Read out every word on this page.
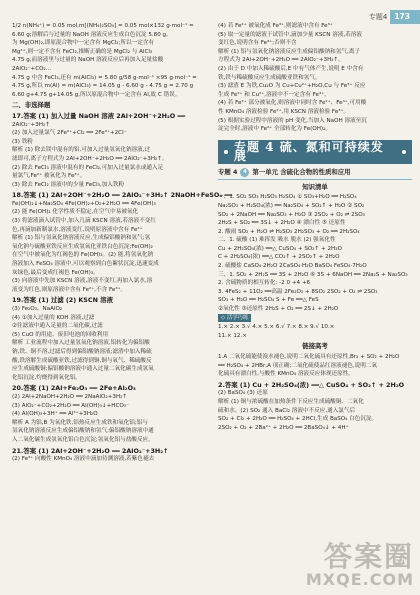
专题4 173
1/2 n(NH₄⁺) = 0.05 mol,m[(NH₄)₂SO₄] = 0.05 mol×132 g·mol⁻¹ =
6.60 g;溶解后与过量的 NaOH 溶液反应生成白色沉淀 5.80 g,
为 Mg(OH)₂,即原混合物中一定含有 MgCl₂;所以一定含有
Mg²⁺,则一定不含有 FeCl₂,推断正确的是 MgCl₂ 与 AlCl₃
4.75 g,而溶液里与过量的 NaOH 溶液反应后再加入足量盐酸
2AlO₂⁻+CO₂…
4.75 g 中含 FeCl₃,还有 m(AlCl₃) = 5.80 g/58 g·mol⁻¹ ×95 g·mol⁻¹ =
4.75 g,所以 m(Al) = m(AlCl₃) = 14.05 g - 6.60 g - 4.75 g = 2.70 g
6.60 g+4.75 g+14.05 g,所以原混合物中一定含有 Al,故 C 错误。
二、非选择题
17.答案 (1) 加入过量 NaOH 溶液 2Al+2OH⁻+2H₂O ══
2AlO₂⁻+3H₂↑
(2) 加入过量氯气 2Fe²⁺+Cl₂ ══ 2Fe³⁺+2Cl⁻
(3) 铁粉
解析 (1) 除去镁中混有的铝,可加入过量氢氧化钠溶液,过
滤即可,离子方程式为 2Al+2OH⁻+2H₂O ══ 2AlO₂⁻+3H₂↑。
(2) 除去 FeCl₃ 溶液中混有的 FeCl₂,可加入过量氯水或通入足
量氯气,Fe²⁺ 被氧化为 Fe³⁺。
(3) 除去 FeCl₂ 溶液中的少量 FeCl₃,加入铁粉
18.答案 (1) 2Al+2OH⁻+2H₂O ══ 2AlO₂⁻+3H₂↑ 2NaOH+FeSO₄ ══
Fe(OH)₂↓+Na₂SO₄ 4Fe(OH)₂+O₂+2H₂O ══ 4Fe(OH)₃
(2) 能 Fe(OH)₂ 化学性质不稳定,在空气中易被氧化
(3) 将滤液滴入试管中,加入几滴 KSCN 溶液,若溶液不变红
色,再滴加新制氯水,溶液变红,说明原溶液中含有 Fe²⁺
解析 (1) 铝与氢氧化钠溶液反应,生成偏铝酸钠和氢气;氢
氧化钠与硫酸亚铁反应生成氢氧化亚铁白色沉淀;Fe(OH)₂
在空气中被氧化为红褐色的 Fe(OH)₃。(2) 能,将氢氧化钠
溶液加入 FeSO₄ 溶液中,可以观察到白色絮状沉淀,迅速变成
灰绿色,最后变成红褐色 Fe(OH)₃。
(3) 向溶液中先加 KSCN 溶液,溶液不变红,再加入氯水,溶
液变为红色,则原溶液中含有 Fe²⁺,不含 Fe³⁺。
19.答案 (1) 过滤 (2) KSCN 溶液
(3) Fe₂O₃、NaAlO₂
(4) ①加入过量的 KOH 溶液,过滤
②往滤液中通入足量的二氧化碳,过滤
(5) CuO 的用途、废旧电池的回收利用
解析 工业流程中加入过量氢氧化钠溶液,铝转化为偏铝酸
钠,铁、铜不溶,过滤后得到偏铝酸钠溶液;滤渣中加入稀硫
酸,铁溶解生成硫酸亚铁,过滤得到铜,铜与氧气、稀硫酸反
应生成硫酸铜;偏铝酸钠溶液中通入过量二氧化碳生成氢氧
化铝沉淀,灼烧得到氧化铝。
20.答案 (1) 2Al+Fe₂O₃ ══ 2Fe+Al₂O₃
(2) 2Al+2NaOH+2H₂O ══ 2NaAlO₂+3H₂↑
(3) AlO₂⁻+CO₂+2H₂O ══ Al(OH)₃↓+HCO₃⁻
(4) Al(OH)₃+3H⁺ ══ Al³⁺+3H₂O
解析 A 为铝,B 为氧化铁,铝热反应生成铁和氧化铝;铝与
氢氧化钠溶液反应生成偏铝酸钠和氢气;偏铝酸钠溶液中通
入二氧化碳生成氢氧化铝白色沉淀;氢氧化铝与盐酸反应。
21.答案 (1) 2Al+2OH⁻+2H₂O ══ 2AlO₂⁻+3H₂↑
(2) Fe³⁺ 向酸性 KMnO₄ 溶液中滴加待测溶液,若紫色褪去
(4) 若 Fe²⁺ 被氧化成 Fe³⁺,则滤液中含有 Fe³⁺
(5) 取一定量的滤液于试管中,滴加少量 KSCN 溶液,若溶液
变红色,说明含有 Fe³⁺;否则不含
解析 (1) 铝与氢氧化钠溶液反应生成偏铝酸钠和氢气,离子
方程式为 2Al+2OH⁻+2H₂O ══ 2AlO₂⁻+3H₂↑。
(2) 由于 D 中加入稀硫酸后,E 中有气体产生,说明 E 中含有
铁,铁与稀硫酸反应生成硫酸亚铁和氢气。
(3) 滤渣 E 为铁,Cu₂O 为 Cu+Cu²⁺+H₂O,Cu 与 Fe³⁺ 反应
生成 Fe²⁺ 和 Cu²⁺,溶液中不一定含有 Fe³⁺。
(4) 若 Fe²⁺ 部分被氧化,则溶液中同时含 Fe²⁺、Fe³⁺,可用酸
性 KMnO₄ 溶液检验 Fe²⁺,用 KSCN 溶液检验 Fe³⁺。
(5) 根据实验过程中溶液的 pH 变化,当加入 NaOH 溶液至沉
淀完全时,溶液中 Fe²⁺ 全部转化为 Fe(OH)₂。
专题 4 硫、氮和可持续发展
专题 4	4 第一单元 含硫化合物的性质和应用
知识清单
一、1. SO₂ SO₃ H₂SO₃ H₂SO₄ ① SO₃+H₂O ══ H₂SO₄
Na₂SO₃ + H₂SO₄(浓) ══ Na₂SO₄ + SO₂↑ + H₂O ② SO₂
SO₂ + 2NaOH ══ Na₂SO₃ + H₂O ③ 2SO₂ + O₂ ⇌ 2SO₃
2H₂S + SO₂ ══ 3S↓ + 2H₂O ④ 漂白性 ⑤ 还原性
2. 酸雨 SO₂ + H₂O ⇌ H₂SO₃ 2H₂SO₃ + O₂ ══ 2H₂SO₄
二、1. 硫酸 (1) 难挥发 吸水 脱水 (2) 强氧化性
Cu + 2H₂SO₄(浓) ══△ CuSO₄ + SO₂↑ + 2H₂O
C + 2H₂SO₄(浓) ══△ CO₂↑ + 2SO₂↑ + 2H₂O
2. 硫酸盐 CaSO₄·2H₂O 2CaSO₄·H₂O BaSO₄ FeSO₄·7H₂O
三、1. SO₂ + 2H₂S ══ 3S + 2H₂O ⑥ 3S + 6NaOH ══ 2Na₂S + Na₂SO₃
2. 含硫物质的相互转化: -2 0 +4 +6
3. 4FeS₂ + 11O₂ ══高温 2Fe₂O₃ + 8SO₂ 2SO₂ + O₂ ⇌ 2SO₃
SO₃ + H₂O ══ H₂SO₄ S + Fe ══△ FeS
②氧化性 ③还原性 2H₂S + O₂ ══ 2S↓ + 2H₂O
◇ 活学巧练
1.× 2.× 3.√ 4.× 5.× 6.√ 7.× 8.× 9.√ 10.×
11.× 12.×
链接高考
1.A 二氧化硫能使溴水褪色,说明二氧化硫具有还原性,Br₂ + SO₂ + 2H₂O
══ H₂SO₄ + 2HBr,A 项正确;二氧化硫使品红溶液褪色,说明二氧
化硫具有漂白性,与酸性 KMnO₄ 溶液反应体现还原性。
2.答案 (1) Cu + 2H₂SO₄(浓) ══△ CuSO₄ + SO₂↑ + 2H₂O
(2) BaSO₄ (3) 还原
解析 (1) 铜与浓硫酸在加热条件下反应生成硫酸铜、二氧化
硫和水。(2) SO₂ 通入 BaCl₂ 溶液中不反应,通入氯气后
SO₂ + Cl₂ + 2H₂O ══ H₂SO₄ + 2HCl,生成 BaSO₄ 白色沉淀。
2SO₂ + O₂ + 2Ba²⁺ + 2H₂O ══ 2BaSO₄↓ + 4H⁺
答案圈
MXQE.COM
